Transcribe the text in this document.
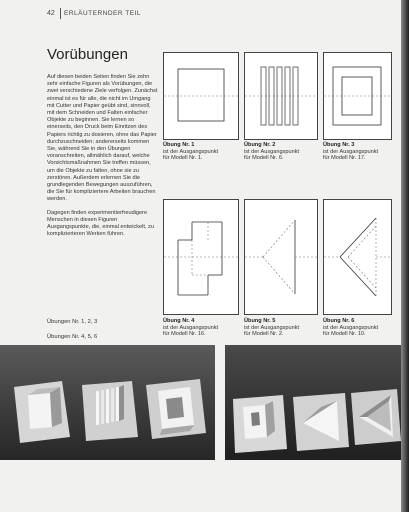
42 ERLÄUTERNDER TEIL
Vorübungen

Auf diesen beiden Seiten finden Sie zehn sehr einfache Figuren als Vorübungen, die zwei verschiedene Ziele verfolgen. Zunächst einmal ist es für alle, die nicht im Umgang mit Cutter und Papier geübt sind, sinnvoll, mit dem Schneiden und Falten einfacher Objekte zu beginnen. Sie lernen so einerseits, den Druck beim Einritzen des Papiers richtig zu dosieren, ohne das Papier durchzuschneiden; andererseits kommen Sie, während Sie in den Übungen voranschreiten, allmählich darauf, welche Vorsichtsmaßnahmen Sie treffen müssen, um die Objekte zu falten, ohne sie zu zerstören. Außerdem erlernen Sie die grundlegenden Bewegungen auszuführen, die Sie für kompliziertere Arbeiten brauchen werden.

Dagegen finden experimentierfreudigere Menschen in diesen Figuren Ausgangspunkte, die, einmal entwickelt, zu komplizierteren Werken führen.

Übungen Nr. 1, 2, 3
Übungen Nr. 4, 5, 6
Übung Nr. 1
ist der Ausgangspunkt
für Modell Nr. 1.
Übung Nr. 2
ist der Ausgangspunkt
für Modell Nr. 6.
Übung Nr. 3
ist der Ausgangspunkt
für Modell Nr. 17.
Übung Nr. 4
ist der Ausgangspunkt
für Modell Nr. 16.
Übung Nr. 5
ist der Ausgangspunkt
für Modell Nr. 2.
Übung Nr. 6
ist der Ausgangspunkt
für Modell Nr. 10.
